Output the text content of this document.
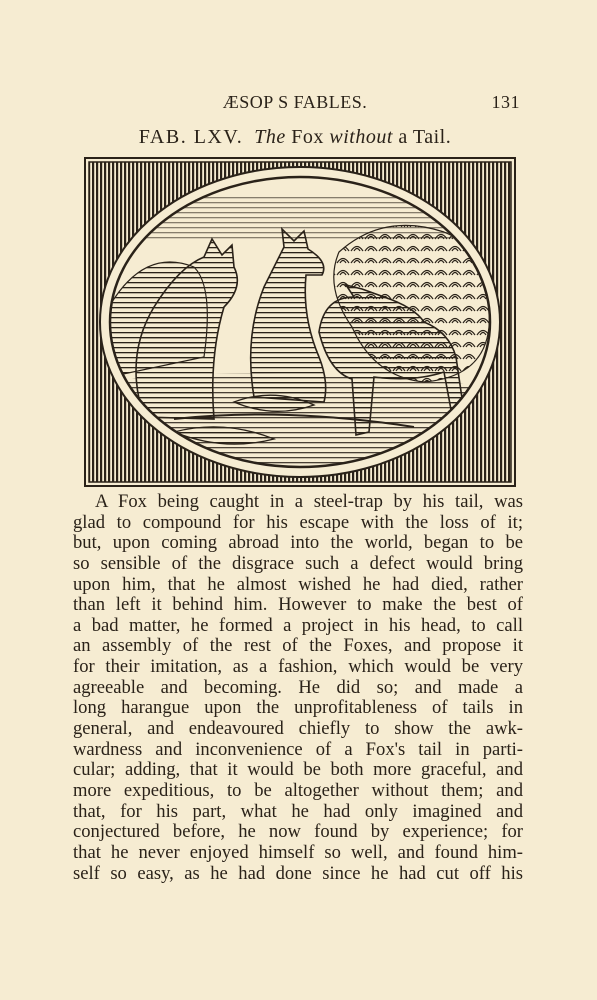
ÆSOP S FABLES.	131
FAB. LXV. The Fox without a Tail.
A Fox being caught in a steel-trap by his tail, was
glad to compound for his escape with the loss of it;
but, upon coming abroad into the world, began to be
so sensible of the disgrace such a defect would bring
upon him, that he almost wished he had died, rather
than left it behind him. However to make the best of
a bad matter, he formed a project in his head, to call
an assembly of the rest of the Foxes, and propose it
for their imitation, as a fashion, which would be very
agreeable and becoming. He did so; and made a
long harangue upon the unprofitableness of tails in
general, and endeavoured chiefly to show the awk-
wardness and inconvenience of a Fox's tail in parti-
cular; adding, that it would be both more graceful, and
more expeditious, to be altogether without them; and
that, for his part, what he had only imagined and
conjectured before, he now found by experience; for
that he never enjoyed himself so well, and found him-
self so easy, as he had done since he had cut off his
